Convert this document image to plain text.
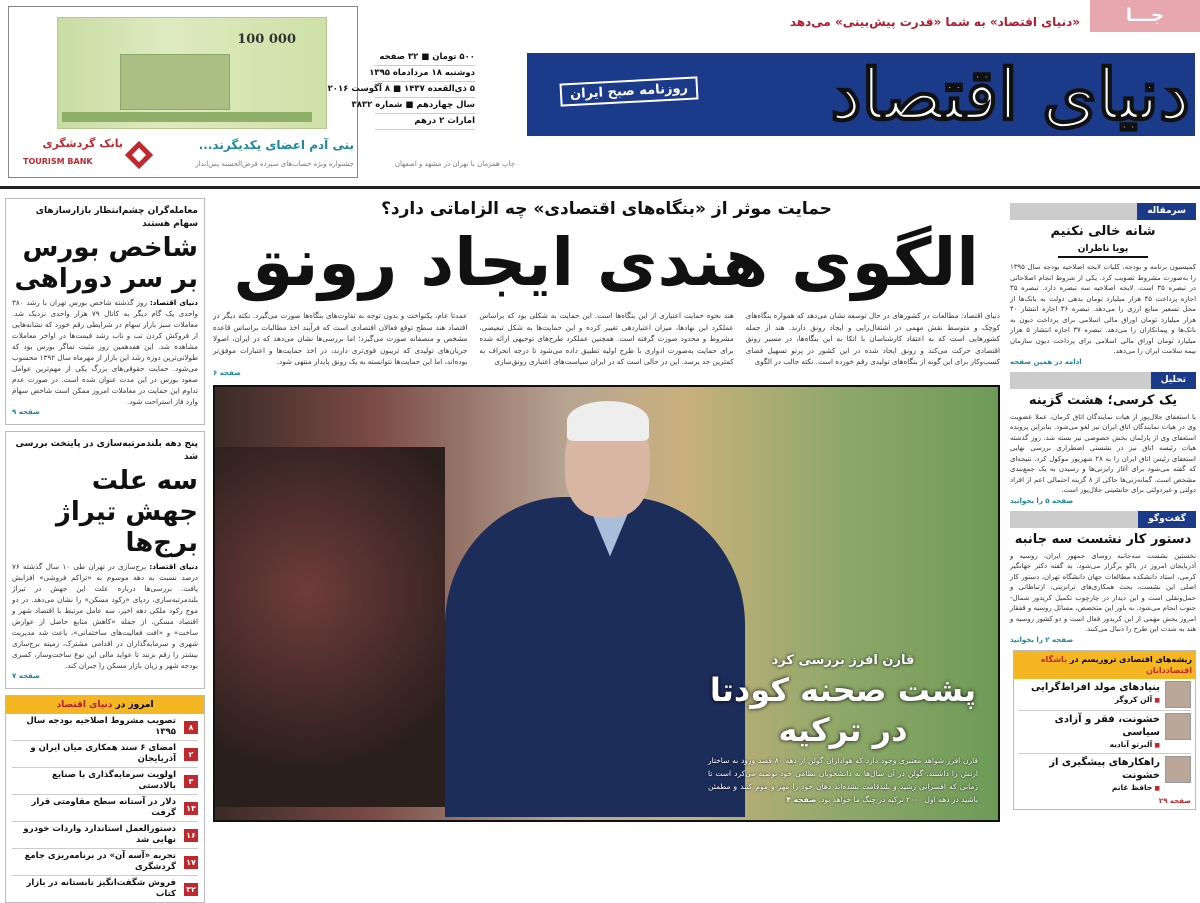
100 000
بنی آدم اعضای یکدیگرند...
جشنواره ویژه حساب‌های سپرده قرض‌الحسنه پس‌انداز
بانک گردشگری
TOURISM BANK
۵۰۰ تومان ■ ۳۲ صفحه
دوشنبه ۱۸ مردادماه ۱۳۹۵
۵ ذی‌القعده ۱۴۳۷ ■ ۸ آگوست ۲۰۱۶
سال چهاردهم ■ شماره ۳۸۳۲
امارات ۲ درهم
چاپ همزمان با تهران در مشهد و اصفهان
دنیای اقتصاد
روزنامه صبح ایران
«دنیای اقتصاد» به شما «قدرت پیش‌بینی» می‌دهد	جـــا
معامله‌گران چشم‌انتظار بازارسازهای سهام هستند
شاخص بورس بر سر دوراهی
دنیای اقتصاد: روز گذشته شاخص بورس تهران با رشد ۳۸۰ واحدی یک گام دیگر به کانال ۷۹ هزار واحدی نزدیک شد. معاملات سبز بازار سهام در شرایطی رقم خورد که نشانه‌هایی از فروکش کردن تب و تاب رشد قیمت‌ها در اواخر معاملات مشاهده شد. این هفدهمین روز مثبت تماگر بورس بود که طولانی‌ترین دوره رشد این بازار از مهرماه سال ۱۳۹۲ محسوب می‌شود. حمایت حقوقی‌های بزرگ یکی از مهم‌ترین عوامل صعود بورس در این مدت عنوان شده است. در صورت عدم تداوم این حمایت در معاملات امروز ممکن است شاخص سهام وارد فاز استراحت شود.
صفحه ۹
پنج دهه بلندمرتبه‌سازی در پایتخت بررسی شد
سه علت جهش تیراژ برج‌ها
دنیای اقتصاد: برج‌سازی در تهران طی ۱۰ سال گذشته ۷۶ درصد نسبت به دهه موسوم به «تراکم فروشی» افزایش یافت. بررسی‌ها درباره علت این جهش در تیراژ بلندمرتبه‌سازی، ردپای «رکود مسکن» را نشان می‌دهد. در دو موج رکود ملکی دهه اخیر، سه عامل مرتبط با اقتصاد شهر و اقتصاد مسکن، از جمله «کاهش منابع حاصل از عوارض ساخت» و «افت فعالیت‌های ساختمانی»، باعث شد مدیریت شهری و سرمایه‌گذاران در اقدامی مشترک، زمینه برج‌سازی بیشتر را رقم بزنند تا عواید مالی این نوع ساخت‌وساز، کسری بودجه شهر و زیان بازار مسکن را جبران کند.
صفحه ۷
امروز در دنیای اقتصاد
۸
تصویب مشروط اصلاحیه بودجه سال ۱۳۹۵
۲
امضای ۶ سند همکاری میان ایران و آذربایجان
۳
اولویت سرمایه‌گذاری با صنایع بالادستی
۱۳
دلار در آستانه سطح مقاومتی قرار گرفت
۱۶
دستورالعمل استاندارد واردات خودرو نهایی شد
۱۷
تجربه «آسه آن» در برنامه‌ریزی جامع گردشگری
۳۲
فروش شگفت‌انگیز تابستانه در بازار کتاب
حمایت موثر از «بنگاه‌های اقتصادی» چه الزاماتی دارد؟
الگوی هندی ایجاد رونق
دنیای اقتصاد: مطالعات در کشورهای در حال توسعه نشان می‌دهد که همواره بنگاه‌های کوچک و متوسط نقش مهمی در اشتغال‌زایی و ایجاد رونق دارند. هند از جمله کشورهایی است که به اعتقاد کارشناسان با اتکا به این بنگاه‌ها، در مسیر رونق اقتصادی حرکت می‌کند و رونق ایجاد شده در این کشور در پرتو تسهیل فضای کسب‌وکار برای این گونه از بنگاه‌های تولیدی رقم خورده است. نکته جالب در الگوی
هند نحوه حمایت اعتباری از این بنگاه‌ها است. این حمایت به شکلی بود که براساس عملکرد این نهادها، میزان اعتباردهی تغییر کرده و این حمایت‌ها به شکل تبعیضی، مشروط و محدود صورت گرفته است. همچنین عملکرد طرح‌های توجیهی ارائه شده برای حمایت به‌صورت ادواری با طرح اولیه تطبیق داده می‌شود تا درجه انحراف به کمترین حد برسد. این در حالی است که در ایران سیاست‌های اعتباری رونق‌سازی
عمدتا عام، یکنواخت و بدون توجه به تفاوت‌های بنگاه‌ها صورت می‌گیرد. نکته دیگر در اقتصاد هند سطح توقع فعالان اقتصادی است که فرآیند اخذ مطالبات براساس قاعده مشخص و منصفانه صورت می‌گیرد؛ اما بررسی‌ها نشان می‌دهد که در ایران، اصولا جریان‌های تولیدی که تریبون قوی‌تری دارند، در اخذ حمایت‌ها و اعتبارات موفق‌تر بوده‌اند، اما این حمایت‌ها نتوانسته به یک رونق پایدار منتهی شود.
صفحه ۶
قارن افرز بررسی کرد
پشت صحنه کودتا در ترکیه
قارن افرز شواهد معتبری وجود دارد که هواداران گولن از دهه ۸۰ قصد ورود به ساختار ارتش را داشتند. گولن در آن سال‌ها به دانشجویان نظامی خود توصیه می‌کرد است تا زمانی که افسرانی رشید و بلندقامت نشده‌اند دهان خود را مهر و موم کنند و مطمئن باشید در دهه اول ۲۰۰۰ ترکیه در چنگ ما خواهد بود. صفحه ۴
سرمقاله
شانه خالی نکنیم
پویا ناظران
کمیسیون برنامه و بودجه، کلیات لایحه اصلاحیه بودجه سال ۱۳۹۵ را به‌صورت مشروط تصویب کرد. یکی از شروط انجام اصلاحاتی در تبصره ۳۵ است. لایحه اصلاحیه سه تبصره دارد. تبصره ۳۵ اجازه پرداخت ۴۵ هزار میلیارد تومان بدهی دولت به بانک‌ها از محل تسعیر منابع ارزی را می‌دهد. تبصره ۳۶ اجازه انتشار ۴۰ هزار میلیارد تومان اوراق مالی اسلامی برای پرداخت دیون به بانک‌ها و پیمانکاران را می‌دهد. تبصره ۳۷ اجازه انتشار ۵ هزار میلیارد تومان اوراق مالی اسلامی برای پرداخت دیون سازمان بیمه سلامت ایران را می‌دهد.
ادامه در همین صفحه
تحلیل
یک کرسی؛ هشت گزینه
با استعفای جلال‌پور از هیات نمایندگان اتاق کرمان، عملا عضویت وی در هیات نمایندگان اتاق ایران نیز لغو می‌شود. بنابراین پرونده استعفای وی از پارلمان بخش خصوصی نیز بسته شد. روز گذشته هیات رئیسه اتاق نیز در نشستی اضطراری بررسی نهایی استعفای رئیس اتاق ایران را به ۲۸ شهریور موکول کرد. نتیجه‌ای که گفته می‌شود برای آغاز رایزنی‌ها و رسیدن به یک جمع‌بندی مشخص است. گمانه‌زنی‌ها حاکی از ۸ گزینه احتمالی اعم از افراد دولتی و غیردولتی برای جانشینی جلال‌پور است.
صفحه ۵ را بخوانید
گفت‌وگو
دستور کار نشست سه جانبه
نخستین نشست سه‌جانبه روسای جمهور ایران، روسیه و آذربایجان امروز در باکو برگزار می‌شود. به گفته دکتر جهانگیر کرمی، استاد دانشکده مطالعات جهان دانشگاه تهران، دستور کار اصلی این نشست، بحث همکاری‌های ترانزیتی، ارتباطاتی و حمل‌ونقلی است و این دیدار در چارچوب تکمیل کریدور شمال-جنوب انجام می‌شود. به باور این متخصص، مسائل روسیه و قفقاز امروز بخش مهمی از این کریدور فعال است و دو کشور روسیه و هند به شدت این طرح را دنبال می‌کنند.
صفحه ۲ را بخوانید
ریشه‌های اقتصادی تروریسم در باشگاه اقتصاددانان
بنیادهای مولد افراط‌گرایی
■ آلن کروگر
خشونت، فقر و آزادی سیاسی
■ آلبرتو آباديه
راهکارهای پیشگیری از خشونت
■ حافظ غانم
صفحه ۲۹
